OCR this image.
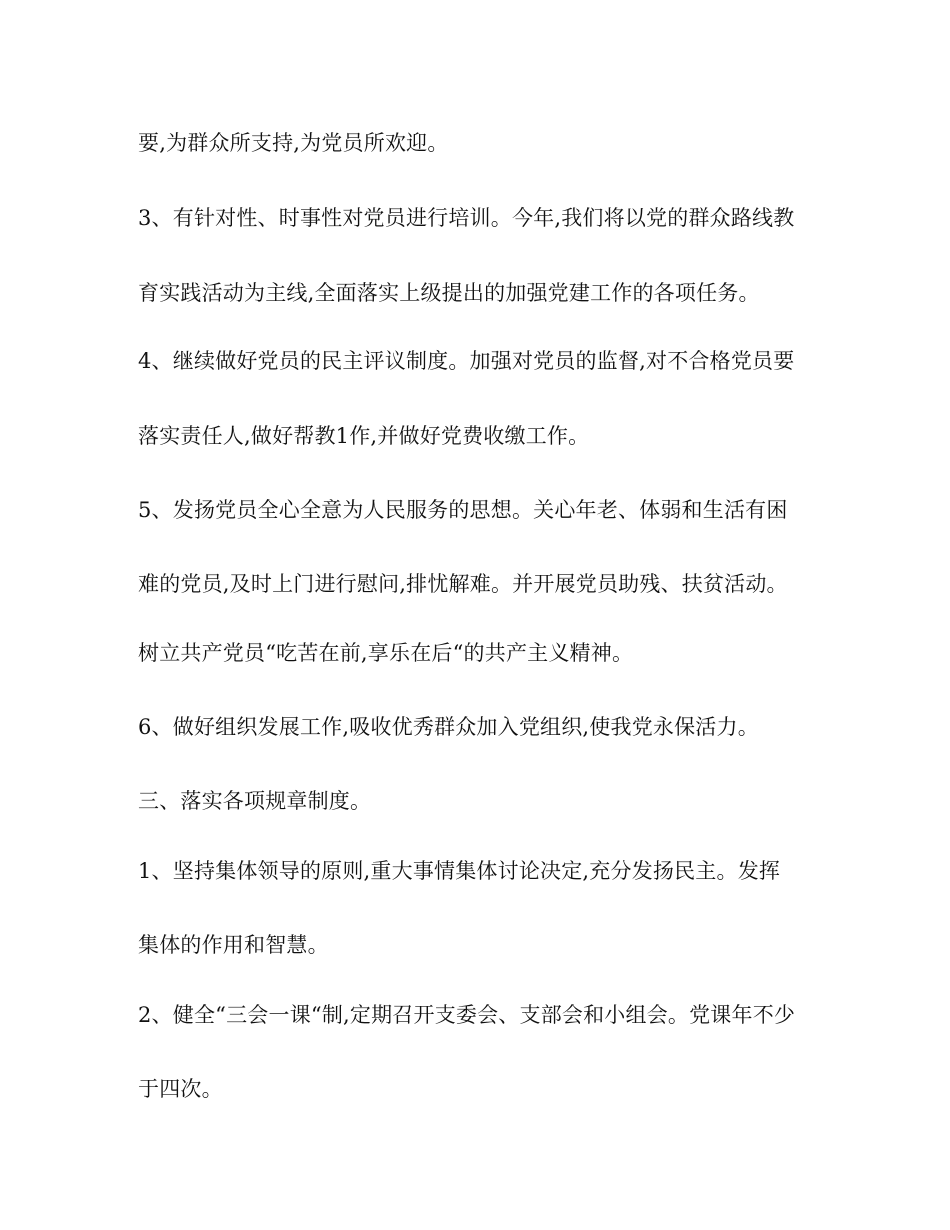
要,为群众所支持,为党员所欢迎。
3、有针对性、时事性对党员进行培训。今年,我们将以党的群众路线教
育实践活动为主线,全面落实上级提出的加强党建工作的各项任务。
4、继续做好党员的民主评议制度。加强对党员的监督,对不合格党员要
落实责任人,做好帮教1作,并做好党费收缴工作。
5、发扬党员全心全意为人民服务的思想。关心年老、体弱和生活有困
难的党员,及时上门进行慰问,排忧解难。并开展党员助残、扶贫活动。
树立共产党员“吃苦在前,享乐在后“的共产主义精神。
6、做好组织发展工作,吸收优秀群众加入党组织,使我党永保活力。
三、落实各项规章制度。
1、坚持集体领导的原则,重大事情集体讨论决定,充分发扬民主。发挥
集体的作用和智慧。
2、健全“三会一课“制,定期召开支委会、支部会和小组会。党课年不少
于四次。
